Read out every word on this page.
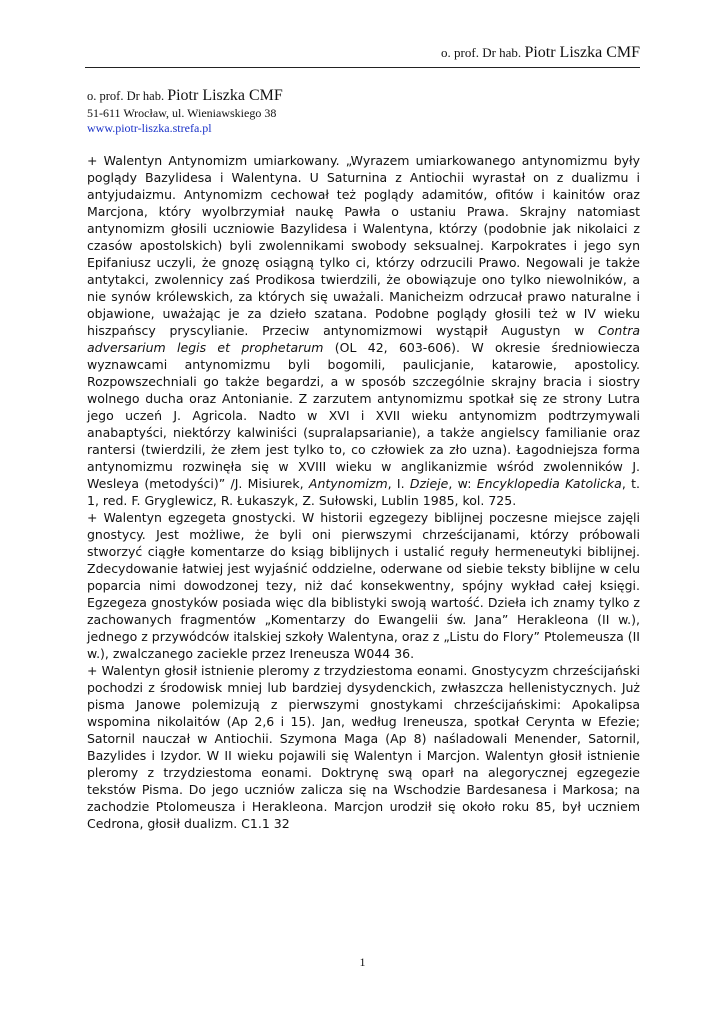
o. prof. Dr hab. Piotr Liszka CMF
o. prof. Dr hab. Piotr Liszka CMF
51-611 Wrocław, ul. Wieniawskiego 38
www.piotr-liszka.strefa.pl

+ Walentyn Antynomizm umiarkowany. „Wyrazem umiarkowanego antynomizmu były poglądy Bazylidesa i Walentyna. U Saturnina z Antiochii wyrastał on z dualizmu i antyjudaizmu. Antynomizm cechował też poglądy adamitów, ofitów i kainitów oraz Marcjona, który wyolbrzymiał naukę Pawła o ustaniu Prawa. Skrajny natomiast antynomizm głosili uczniowie Bazylidesa i Walentyna, którzy (podobnie jak nikolaici z czasów apostolskich) byli zwolennikami swobody seksualnej. Karpokrates i jego syn Epifaniusz uczyli, że gnozę osiągną tylko ci, którzy odrzucili Prawo. Negowali je także antytakci, zwolennicy zaś Prodikosa twierdzili, że obowiązuje ono tylko niewolników, a nie synów królewskich, za których się uważali. Manicheizm odrzucał prawo naturalne i objawione, uważając je za dzieło szatana. Podobne poglądy głosili też w IV wieku hiszpańscy pryscylianie. Przeciw antynomizmowi wystąpił Augustyn w Contra adversarium legis et prophetarum (OL 42, 603-606). W okresie średniowiecza wyznawcami antynomizmu byli bogomili, paulicjanie, katarowie, apostolicy. Rozpowszechniali go także begardzi, a w sposób szczególnie skrajny bracia i siostry wolnego ducha oraz Antonianie. Z zarzutem antynomizmu spotkał się ze strony Lutra jego uczeń J. Agricola. Nadto w XVI i XVII wieku antynomizm podtrzymywali anabaptyści, niektórzy kalwiniści (supralapsarianie), a także angielscy familianie oraz rantersi (twierdzili, że złem jest tylko to, co człowiek za zło uzna). Łagodniejsza forma antynomizmu rozwinęła się w XVIII wieku w anglikanizmie wśród zwolenników J. Wesleya (metodyści)” /J. Misiurek, Antynomizm, I. Dzieje, w: Encyklopedia Katolicka, t. 1, red. F. Gryglewicz, R. Łukaszyk, Z. Sułowski, Lublin 1985, kol. 725.

+ Walentyn egzegeta gnostycki. W historii egzegezy biblijnej poczesne miejsce zajęli gnostycy. Jest możliwe, że byli oni pierwszymi chrześcijanami, którzy próbowali stworzyć ciągłe komentarze do ksiąg biblijnych i ustalić reguły hermeneutyki biblijnej. Zdecydowanie łatwiej jest wyjaśnić oddzielne, oderwane od siebie teksty biblijne w celu poparcia nimi dowodzonej tezy, niż dać konsekwentny, spójny wykład całej księgi. Egzegeza gnostyków posiada więc dla biblistyki swoją wartość. Dzieła ich znamy tylko z zachowanych fragmentów „Komentarzy do Ewangelii św. Jana” Herakleona (II w.), jednego z przywódców italskiej szkoły Walentyna, oraz z „Listu do Flory” Ptolemeusza (II w.), zwalczanego zaciekle przez Ireneusza W044 36.

+ Walentyn głosił istnienie pleromy z trzydziestoma eonami. Gnostycyzm chrześcijański pochodzi z środowisk mniej lub bardziej dysydenckich, zwłaszcza hellenistycznych. Już pisma Janowe polemizują z pierwszymi gnostykami chrześcijańskimi: Apokalipsa wspomina nikolaitów (Ap 2,6 i 15). Jan, według Ireneusza, spotkał Cerynta w Efezie; Satornil nauczał w Antiochii. Szymona Maga (Ap 8) naśladowali Menender, Satornil, Bazylides i Izydor. W II wieku pojawili się Walentyn i Marcjon. Walentyn głosił istnienie pleromy z trzydziestoma eonami. Doktrynę swą oparł na alegorycznej egzegezie tekstów Pisma. Do jego uczniów zalicza się na Wschodzie Bardesanesa i Markosa; na zachodzie Ptolomeusza i Herakleona. Marcjon urodził się około roku 85, był uczniem Cedrona, głosił dualizm. C1.1 32

1
